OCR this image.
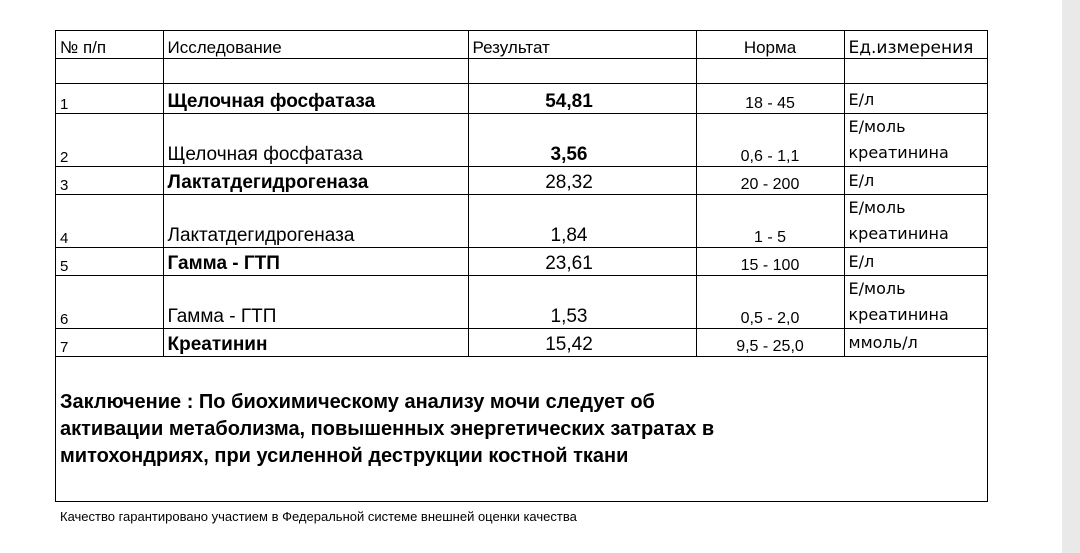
№ п/п	Исследование	Результат	Норма	Ед.измерения

1	Щелочная фосфатаза	54,81	18 - 45	Е/л
2	Щелочная фосфатаза	3,56	0,6 - 1,1	Е/моль креатинина
3	Лактатдегидрогеназа	28,32	20 - 200	Е/л
4	Лактатдегидрогеназа	1,84	1 - 5	Е/моль креатинина
5	Гамма - ГТП	23,61	15 - 100	Е/л
6	Гамма - ГТП	1,53	0,5 - 2,0	Е/моль креатинина
7	Креатинин	15,42	9,5 - 25,0	ммоль/л
Заключение : По биохимическому анализу мочи следует об
активации метаболизма, повышенных энергетических затратах в
митохондриях, при усиленной деструкции костной ткани
Качество гарантировано участием в Федеральной системе внешней оценки качества
